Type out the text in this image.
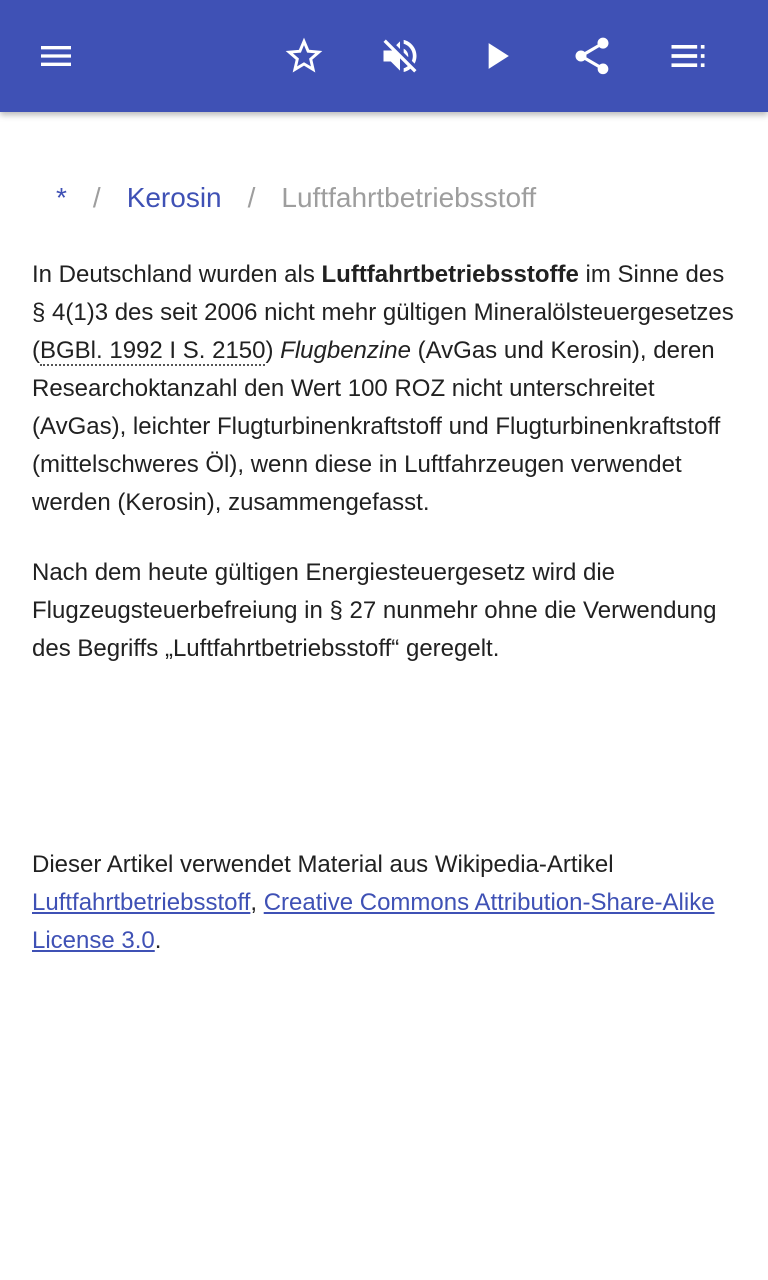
* / Kerosin / Luftfahrtbetriebsstoff

In Deutschland wurden als Luftfahrtbetriebsstoffe im Sinne des § 4(1)3 des seit 2006 nicht mehr gültigen Mineralölsteuergesetzes (BGBl. 1992 I S. 2150) Flugbenzine (AvGas und Kerosin), deren Researchoktanzahl den Wert 100 ROZ nicht unterschreitet (AvGas), leichter Flugturbinenkraftstoff und Flugturbinenkraftstoff (mittelschweres Öl), wenn diese in Luftfahrzeugen verwendet werden (Kerosin), zusammengefasst.

Nach dem heute gültigen Energiesteuergesetz wird die Flugzeugsteuerbefreiung in § 27 nunmehr ohne die Verwendung des Begriffs „Luftfahrtbetriebsstoff“ geregelt.

Dieser Artikel verwendet Material aus Wikipedia-Artikel Luftfahrtbetriebsstoff, Creative Commons Attribution-Share-Alike License 3.0.
